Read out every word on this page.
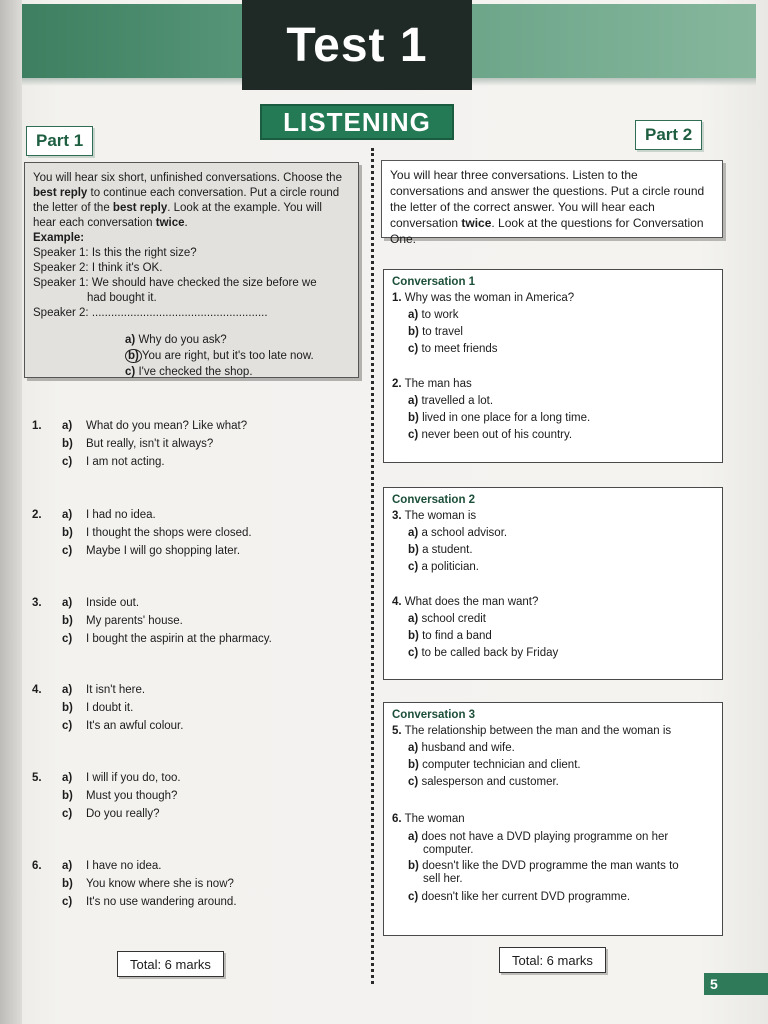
Test 1
LISTENING
Part 1	Part 2
You will hear six short, unfinished conversations. Choose the best reply to continue each conversation. Put a circle round the letter of the best reply. Look at the example. You will hear each conversation twice.
Example:
Speaker 1: Is this the right size?
Speaker 2: I think it's OK.
Speaker 1: We should have checked the size before we
had bought it.
Speaker 2: .......................................................
a) Why do you ask?
b) You are right, but it's too late now.
c) I've checked the shop.
1.	a)	What do you mean? Like what?
b)	But really, isn't it always?
c)	I am not acting.
2.	a)	I had no idea.
b)	I thought the shops were closed.
c)	Maybe I will go shopping later.
3.	a)	Inside out.
b)	My parents' house.
c)	I bought the aspirin at the pharmacy.
4.	a)	It isn't here.
b)	I doubt it.
c)	It's an awful colour.
5.	a)	I will if you do, too.
b)	Must you though?
c)	Do you really?
6.	a)	I have no idea.
b)	You know where she is now?
c)	It's no use wandering around.
Total: 6 marks
You will hear three conversations. Listen to the conversations and answer the questions. Put a circle round the letter of the correct answer. You will hear each conversation twice. Look at the questions for Conversation One.
Conversation 1
1. Why was the woman in America?
a) to work
b) to travel
c) to meet friends
2. The man has
a) travelled a lot.
b) lived in one place for a long time.
c) never been out of his country.
Conversation 2
3. The woman is
a) a school advisor.
b) a student.
c) a politician.
4. What does the man want?
a) school credit
b) to find a band
c) to be called back by Friday
Conversation 3
5. The relationship between the man and the woman is
a) husband and wife.
b) computer technician and client.
c) salesperson and customer.
6. The woman
a) does not have a DVD playing programme on her
computer.
b) doesn't like the DVD programme the man wants to
sell her.
c) doesn't like her current DVD programme.
Total: 6 marks
5
